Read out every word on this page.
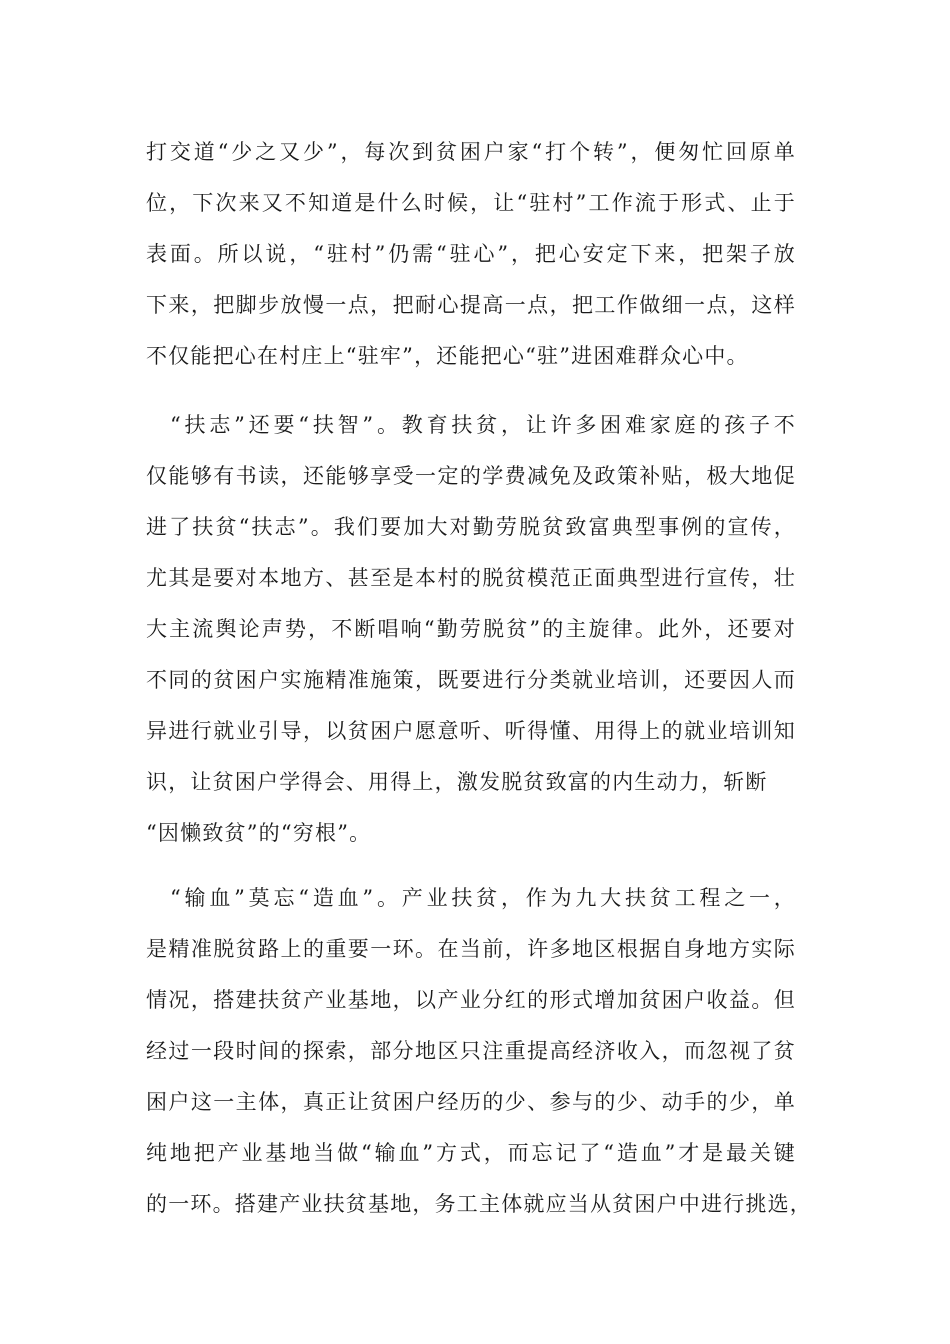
打交道“少之又少”，每次到贫困户家“打个转”，便匆忙回原单
位，下次来又不知道是什么时候，让“驻村”工作流于形式、止于
表面。所以说，“驻村”仍需“驻心”，把心安定下来，把架子放
下来，把脚步放慢一点，把耐心提高一点，把工作做细一点，这样
不仅能把心在村庄上“驻牢”，还能把心“驻”进困难群众心中。
“扶志”还要“扶智”。教育扶贫，让许多困难家庭的孩子不
仅能够有书读，还能够享受一定的学费减免及政策补贴，极大地促
进了扶贫“扶志”。我们要加大对勤劳脱贫致富典型事例的宣传，
尤其是要对本地方、甚至是本村的脱贫模范正面典型进行宣传，壮
大主流舆论声势，不断唱响“勤劳脱贫”的主旋律。此外，还要对
不同的贫困户实施精准施策，既要进行分类就业培训，还要因人而
异进行就业引导，以贫困户愿意听、听得懂、用得上的就业培训知
识，让贫困户学得会、用得上，激发脱贫致富的内生动力，斩断
“因懒致贫”的“穷根”。
“输血”莫忘“造血”。产业扶贫，作为九大扶贫工程之一，
是精准脱贫路上的重要一环。在当前，许多地区根据自身地方实际
情况，搭建扶贫产业基地，以产业分红的形式增加贫困户收益。但
经过一段时间的探索，部分地区只注重提高经济收入，而忽视了贫
困户这一主体，真正让贫困户经历的少、参与的少、动手的少，单
纯地把产业基地当做“输血”方式，而忘记了“造血”才是最关键
的一环。搭建产业扶贫基地，务工主体就应当从贫困户中进行挑选，
